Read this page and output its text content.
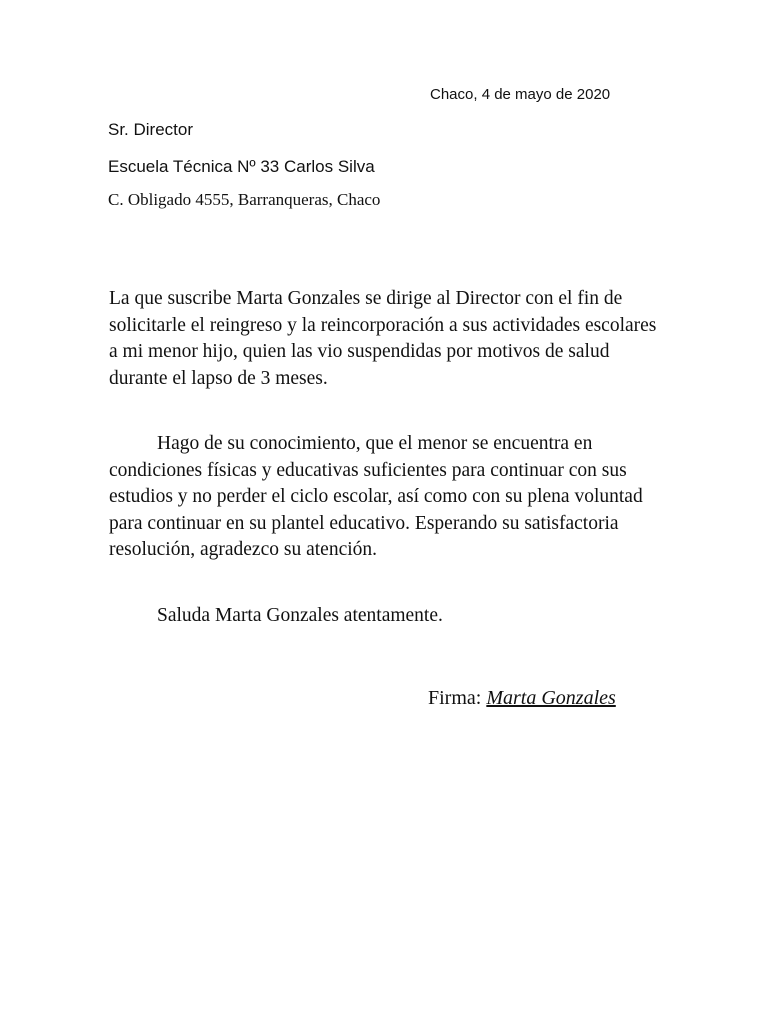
Chaco, 4 de mayo de 2020
Sr. Director
Escuela Técnica Nº 33 Carlos Silva
C. Obligado 4555, Barranqueras, Chaco

La que suscribe Marta Gonzales se dirige al Director con el fin de solicitarle el reingreso y la reincorporación a sus actividades escolares a mi menor hijo, quien las vio suspendidas por motivos de salud durante el lapso de 3 meses.

Hago de su conocimiento, que el menor se encuentra en condiciones físicas y educativas suficientes para continuar con sus estudios y no perder el ciclo escolar, así como con su plena voluntad para continuar en su plantel educativo. Esperando su satisfactoria resolución, agradezco su atención.

Saluda Marta Gonzales atentamente.

Firma: Marta Gonzales
